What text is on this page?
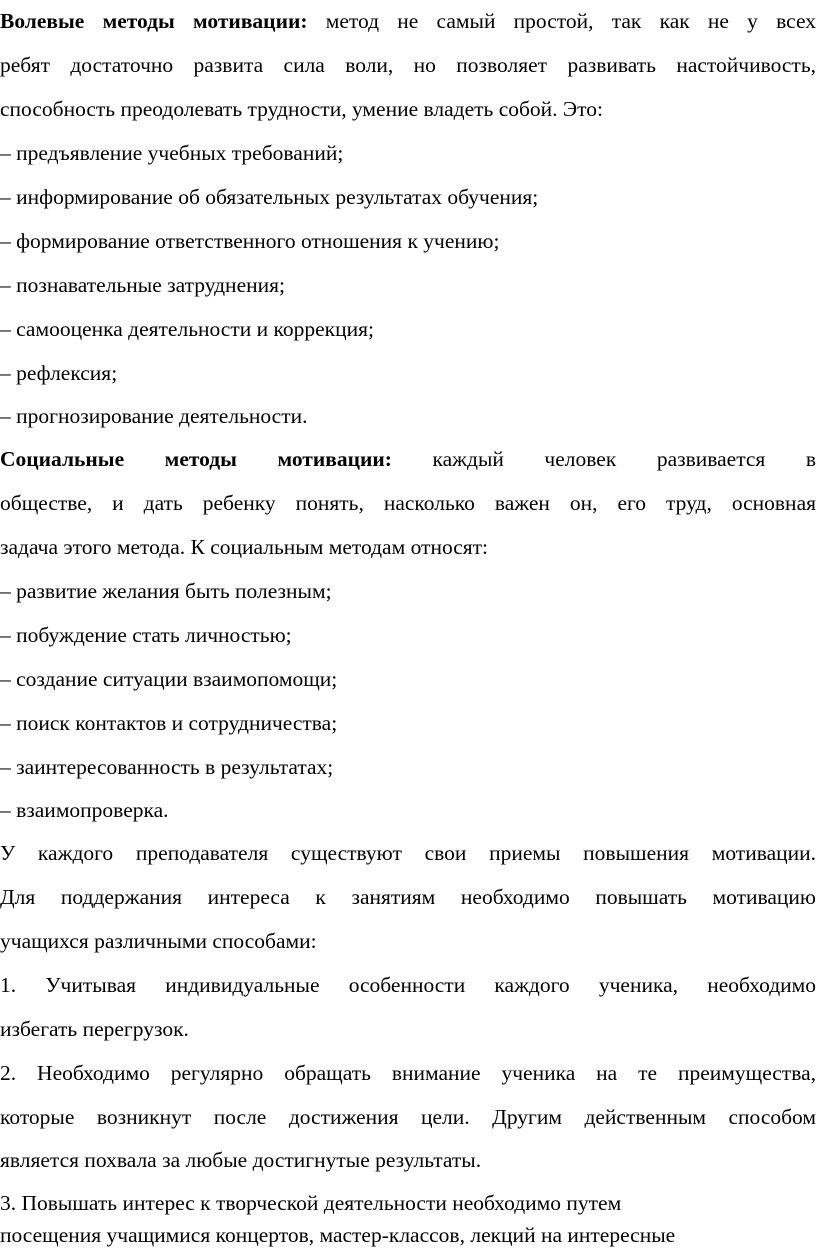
Волевые методы мотивации: метод не самый простой, так как не у всех
ребят достаточно развита сила воли, но позволяет развивать настойчивость,
способность преодолевать трудности, умение владеть собой. Это:
– предъявление учебных требований;
– информирование об обязательных результатах обучения;
– формирование ответственного отношения к учению;
– познавательные затруднения;
– самооценка деятельности и коррекция;
– рефлексия;
– прогнозирование деятельности.
Социальные методы мотивации: каждый человек развивается в
обществе, и дать ребенку понять, насколько важен он, его труд, основная
задача этого метода. К социальным методам относят:
– развитие желания быть полезным;
– побуждение стать личностью;
– создание ситуации взаимопомощи;
– поиск контактов и сотрудничества;
– заинтересованность в результатах;
– взаимопроверка.
У каждого преподавателя существуют свои приемы повышения мотивации.
Для поддержания интереса к занятиям необходимо повышать мотивацию
учащихся различными способами:
1. Учитывая индивидуальные особенности каждого ученика, необходимо
избегать перегрузок.
2. Необходимо регулярно обращать внимание ученика на те преимущества,
которые возникнут после достижения цели. Другим действенным способом
является похвала за любые достигнутые результаты.
3. Повышать интерес к творческой деятельности необходимо путем
посещения учащимися концертов, мастер-классов, лекций на интересные
